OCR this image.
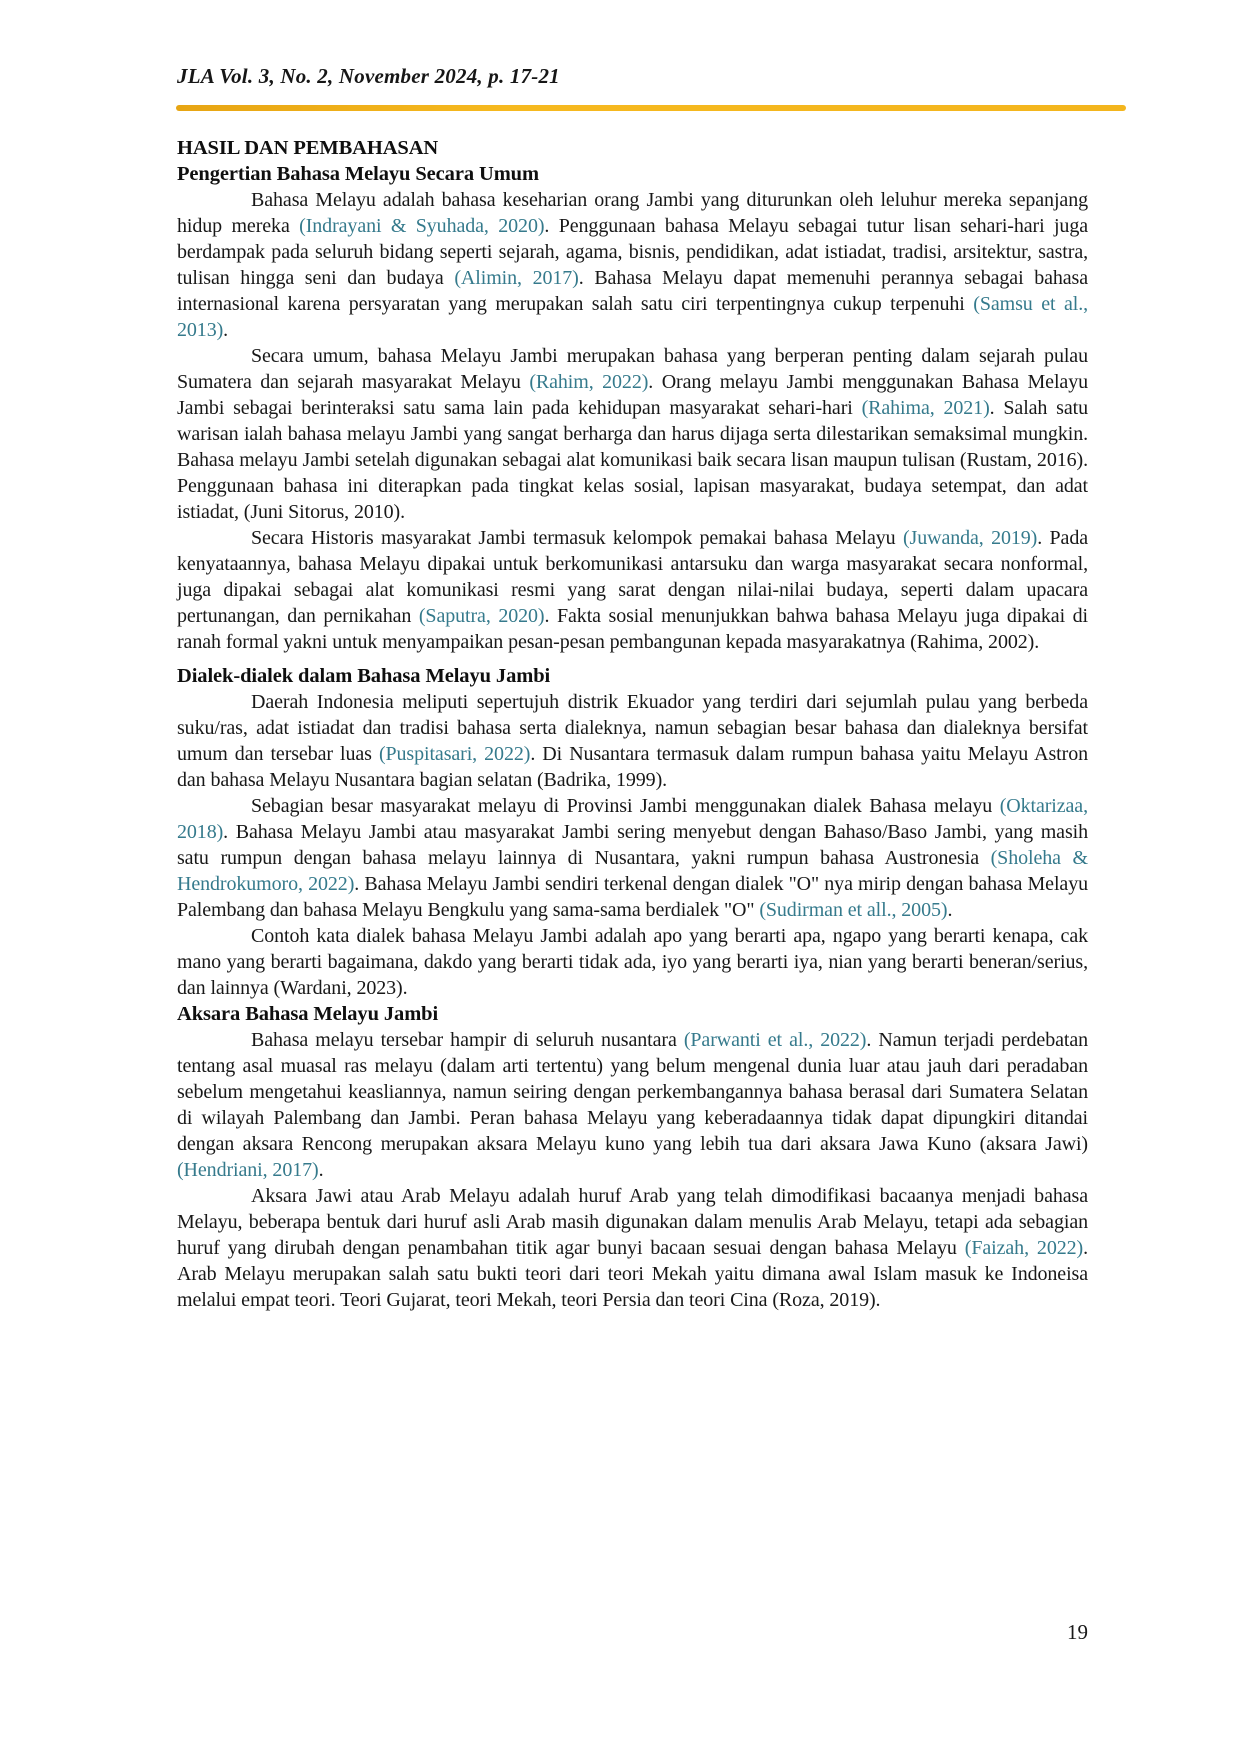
JLA Vol. 3, No. 2, November 2024, p. 17-21
HASIL DAN PEMBAHASAN
Pengertian Bahasa Melayu Secara Umum

Bahasa Melayu adalah bahasa keseharian orang Jambi yang diturunkan oleh leluhur mereka sepanjang hidup mereka (Indrayani & Syuhada, 2020). Penggunaan bahasa Melayu sebagai tutur lisan sehari-hari juga berdampak pada seluruh bidang seperti sejarah, agama, bisnis, pendidikan, adat istiadat, tradisi, arsitektur, sastra, tulisan hingga seni dan budaya (Alimin, 2017). Bahasa Melayu dapat memenuhi perannya sebagai bahasa internasional karena persyaratan yang merupakan salah satu ciri terpentingnya cukup terpenuhi (Samsu et al., 2013).

Secara umum, bahasa Melayu Jambi merupakan bahasa yang berperan penting dalam sejarah pulau Sumatera dan sejarah masyarakat Melayu (Rahim, 2022). Orang melayu Jambi menggunakan Bahasa Melayu Jambi sebagai berinteraksi satu sama lain pada kehidupan masyarakat sehari-hari (Rahima, 2021). Salah satu warisan ialah bahasa melayu Jambi yang sangat berharga dan harus dijaga serta dilestarikan semaksimal mungkin. Bahasa melayu Jambi setelah digunakan sebagai alat komunikasi baik secara lisan maupun tulisan (Rustam, 2016). Penggunaan bahasa ini diterapkan pada tingkat kelas sosial, lapisan masyarakat, budaya setempat, dan adat istiadat, (Juni Sitorus, 2010).

Secara Historis masyarakat Jambi termasuk kelompok pemakai bahasa Melayu (Juwanda, 2019). Pada kenyataannya, bahasa Melayu dipakai untuk berkomunikasi antarsuku dan warga masyarakat secara nonformal, juga dipakai sebagai alat komunikasi resmi yang sarat dengan nilai-nilai budaya, seperti dalam upacara pertunangan, dan pernikahan (Saputra, 2020). Fakta sosial menunjukkan bahwa bahasa Melayu juga dipakai di ranah formal yakni untuk menyampaikan pesan-pesan pembangunan kepada masyarakatnya (Rahima, 2002).

Dialek-dialek dalam Bahasa Melayu Jambi

Daerah Indonesia meliputi sepertujuh distrik Ekuador yang terdiri dari sejumlah pulau yang berbeda suku/ras, adat istiadat dan tradisi bahasa serta dialeknya, namun sebagian besar bahasa dan dialeknya bersifat umum dan tersebar luas (Puspitasari, 2022). Di Nusantara termasuk dalam rumpun bahasa yaitu Melayu Astron dan bahasa Melayu Nusantara bagian selatan (Badrika, 1999).

Sebagian besar masyarakat melayu di Provinsi Jambi menggunakan dialek Bahasa melayu (Oktarizaa, 2018). Bahasa Melayu Jambi atau masyarakat Jambi sering menyebut dengan Bahaso/Baso Jambi, yang masih satu rumpun dengan bahasa melayu lainnya di Nusantara, yakni rumpun bahasa Austronesia (Sholeha & Hendrokumoro, 2022). Bahasa Melayu Jambi sendiri terkenal dengan dialek "O" nya mirip dengan bahasa Melayu Palembang dan bahasa Melayu Bengkulu yang sama-sama berdialek "O" (Sudirman et all., 2005).

Contoh kata dialek bahasa Melayu Jambi adalah apo yang berarti apa, ngapo yang berarti kenapa, cak mano yang berarti bagaimana, dakdo yang berarti tidak ada, iyo yang berarti iya, nian yang berarti beneran/serius, dan lainnya (Wardani, 2023).

Aksara Bahasa Melayu Jambi

Bahasa melayu tersebar hampir di seluruh nusantara (Parwanti et al., 2022). Namun terjadi perdebatan tentang asal muasal ras melayu (dalam arti tertentu) yang belum mengenal dunia luar atau jauh dari peradaban sebelum mengetahui keasliannya, namun seiring dengan perkembangannya bahasa berasal dari Sumatera Selatan di wilayah Palembang dan Jambi. Peran bahasa Melayu yang keberadaannya tidak dapat dipungkiri ditandai dengan aksara Rencong merupakan aksara Melayu kuno yang lebih tua dari aksara Jawa Kuno (aksara Jawi) (Hendriani, 2017).

Aksara Jawi atau Arab Melayu adalah huruf Arab yang telah dimodifikasi bacaanya menjadi bahasa Melayu, beberapa bentuk dari huruf asli Arab masih digunakan dalam menulis Arab Melayu, tetapi ada sebagian huruf yang dirubah dengan penambahan titik agar bunyi bacaan sesuai dengan bahasa Melayu (Faizah, 2022). Arab Melayu merupakan salah satu bukti teori dari teori Mekah yaitu dimana awal Islam masuk ke Indoneisa melalui empat teori. Teori Gujarat, teori Mekah, teori Persia dan teori Cina (Roza, 2019).

19
